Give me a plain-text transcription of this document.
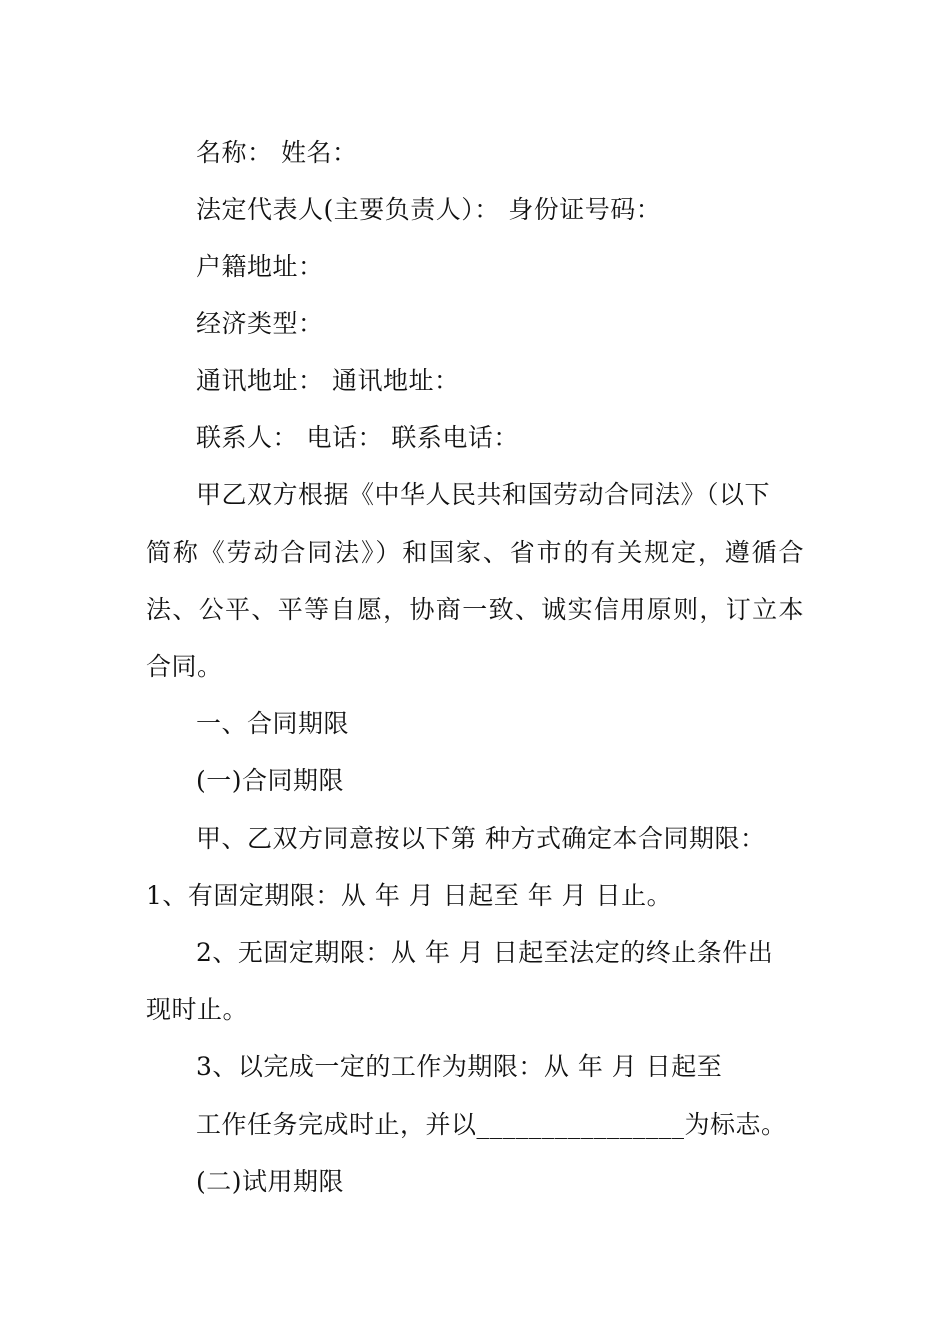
名称： 姓名：
法定代表人(主要负责人）： 身份证号码：
户籍地址：
经济类型：
通讯地址： 通讯地址：
联系人： 电话： 联系电话：
甲乙双方根据《中华人民共和国劳动合同法》（以下
简称《劳动合同法》）和国家、省市的有关规定，遵循合
法、公平、平等自愿，协商一致、诚实信用原则，订立本
合同。
一、合同期限
(一)合同期限
甲、乙双方同意按以下第 种方式确定本合同期限：
1、有固定期限：从 年 月 日起至 年 月 日止。
2、无固定期限：从 年 月 日起至法定的终止条件出
现时止。
3、以完成一定的工作为期限：从 年 月 日起至
工作任务完成时止，并以________________为标志。
(二)试用期限
